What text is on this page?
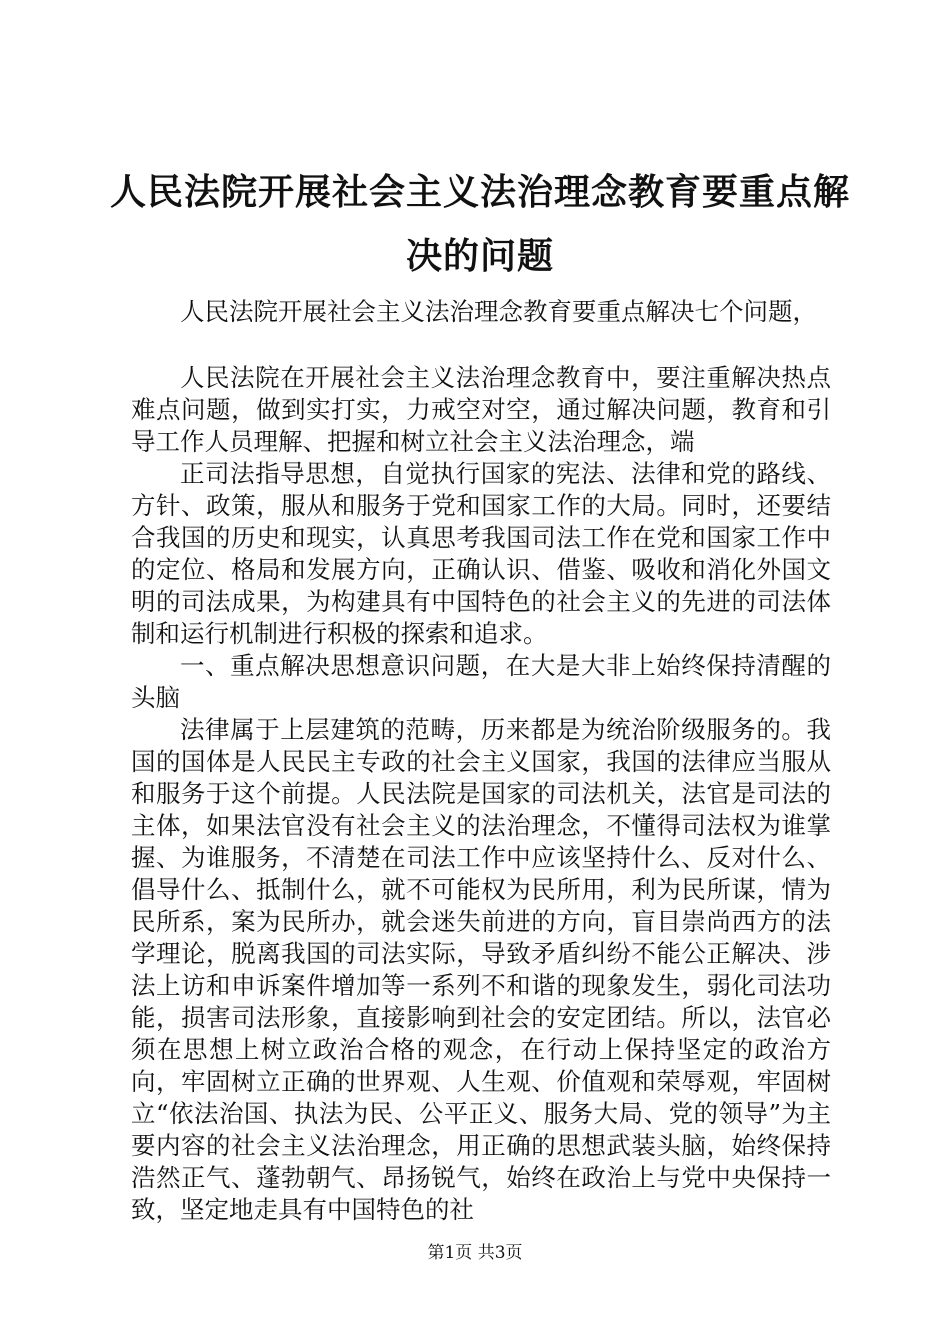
人民法院开展社会主义法治理念教育要重点解决的问题

人民法院开展社会主义法治理念教育要重点解决七个问题，

人民法院在开展社会主义法治理念教育中，要注重解决热点难点问题，做到实打实，力戒空对空，通过解决问题，教育和引导工作人员理解、把握和树立社会主义法治理念，端

正司法指导思想，自觉执行国家的宪法、法律和党的路线、方针、政策，服从和服务于党和国家工作的大局。同时，还要结合我国的历史和现实，认真思考我国司法工作在党和国家工作中的定位、格局和发展方向，正确认识、借鉴、吸收和消化外国文明的司法成果，为构建具有中国特色的社会主义的先进的司法体制和运行机制进行积极的探索和追求。

一、重点解决思想意识问题，在大是大非上始终保持清醒的头脑

法律属于上层建筑的范畴，历来都是为统治阶级服务的。我国的国体是人民民主专政的社会主义国家，我国的法律应当服从和服务于这个前提。人民法院是国家的司法机关，法官是司法的主体，如果法官没有社会主义的法治理念，不懂得司法权为谁掌握、为谁服务，不清楚在司法工作中应该坚持什么、反对什么、倡导什么、抵制什么，就不可能权为民所用，利为民所谋，情为民所系，案为民所办，就会迷失前进的方向，盲目崇尚西方的法学理论，脱离我国的司法实际，导致矛盾纠纷不能公正解决、涉法上访和申诉案件增加等一系列不和谐的现象发生，弱化司法功能，损害司法形象，直接影响到社会的安定团结。所以，法官必须在思想上树立政治合格的观念，在行动上保持坚定的政治方向，牢固树立正确的世界观、人生观、价值观和荣辱观，牢固树立“依法治国、执法为民、公平正义、服务大局、党的领导”为主要内容的社会主义法治理念，用正确的思想武装头脑，始终保持浩然正气、蓬勃朝气、昂扬锐气，始终在政治上与党中央保持一致，坚定地走具有中国特色的社

第1页 共3页
